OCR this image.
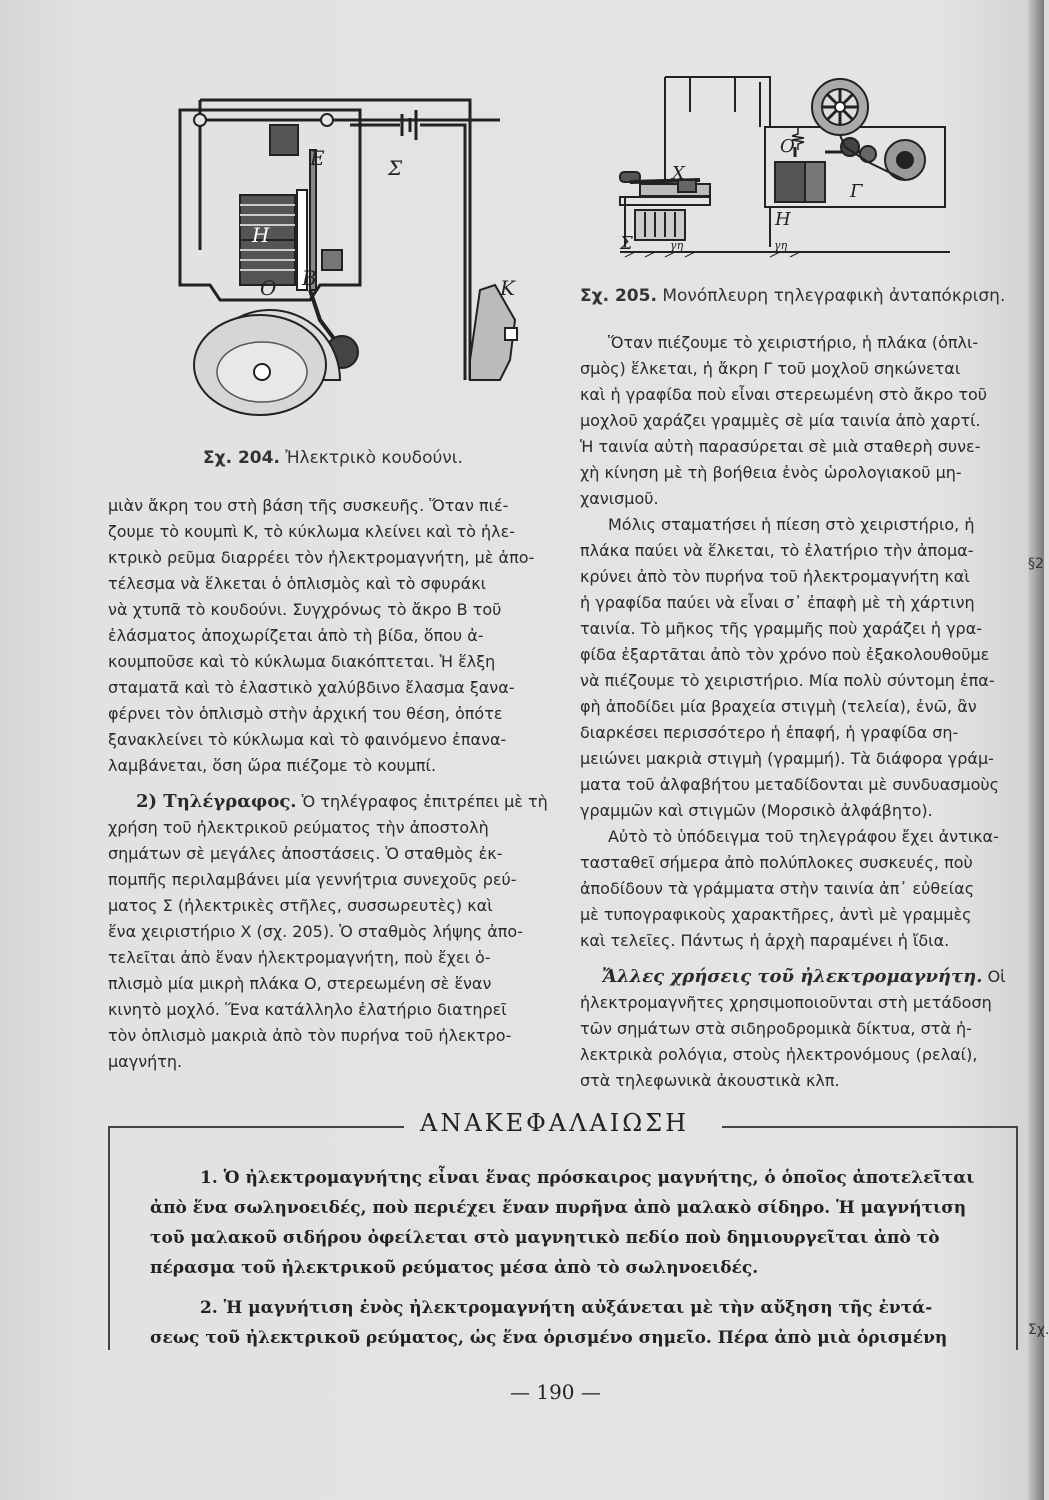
E	Σ
H
O B	K
Σχ. 204. Ἠλεκτρικὸ κουδούνι.
O
X
Γ
H
Σ	γη	γη
Σχ. 205. Μονόπλευρη τηλεγραφικὴ ἀνταπόκριση.

μιὰν ἄκρη του στὴ βάση τῆς συσκευῆς. Ὅταν πιέ-
ζουμε τὸ κουμπὶ Κ, τὸ κύκλωμα κλείνει καὶ τὸ ἠλε-
κτρικὸ ρεῦμα διαρρέει τὸν ἠλεκτρομαγνήτη, μὲ ἀπο-
τέλεσμα νὰ ἕλκεται ὁ ὁπλισμὸς καὶ τὸ σφυράκι
νὰ χτυπᾶ τὸ κουδούνι. Συγχρόνως τὸ ἄκρο Β τοῦ
ἐλάσματος ἀποχωρίζεται ἀπὸ τὴ βίδα, ὅπου ἀ-
κουμποῦσε καὶ τὸ κύκλωμα διακόπτεται. Ἡ ἕλξη
σταματᾶ καὶ τὸ ἐλαστικὸ χαλύβδινο ἔλασμα ξανα-
φέρνει τὸν ὁπλισμὸ στὴν ἀρχική του θέση, ὁπότε
ξανακλείνει τὸ κύκλωμα καὶ τὸ φαινόμενο ἐπανα-
λαμβάνεται, ὅση ὥρα πιέζομε τὸ κουμπί.

2) Τηλέγραφος. Ὁ τηλέγραφος ἐπιτρέπει μὲ τὴ
χρήση τοῦ ἠλεκτρικοῦ ρεύματος τὴν ἀποστολὴ
σημάτων σὲ μεγάλες ἀποστάσεις. Ὁ σταθμὸς ἐκ-
πομπῆς περιλαμβάνει μία γεννήτρια συνεχοῦς ρεύ-
ματος Σ (ἠλεκτρικὲς στῆλες, συσσωρευτὲς) καὶ
ἕνα χειριστήριο Χ (σχ. 205). Ὁ σταθμὸς λήψης ἀπο-
τελεῖται ἀπὸ ἕναν ἠλεκτρομαγνήτη, ποὺ ἔχει ὁ-
πλισμὸ μία μικρὴ πλάκα Ο, στερεωμένη σὲ ἕναν
κινητὸ μοχλό. Ἕνα κατάλληλο ἐλατήριο διατηρεῖ
τὸν ὁπλισμὸ μακριὰ ἀπὸ τὸν πυρήνα τοῦ ἠλεκτρο-
μαγνήτη.

Ὅταν πιέζουμε τὸ χειριστήριο, ἡ πλάκα (ὁπλι-
σμὸς) ἕλκεται, ἡ ἄκρη Γ τοῦ μοχλοῦ σηκώνεται
καὶ ἡ γραφίδα ποὺ εἶναι στερεωμένη στὸ ἄκρο τοῦ
μοχλοῦ χαράζει γραμμὲς σὲ μία ταινία ἀπὸ χαρτί.
Ἡ ταινία αὐτὴ παρασύρεται σὲ μιὰ σταθερὴ συνε-
χὴ κίνηση μὲ τὴ βοήθεια ἑνὸς ὡρολογιακοῦ μη-
χανισμοῦ.

Μόλις σταματήσει ἡ πίεση στὸ χειριστήριο, ἡ
πλάκα παύει νὰ ἕλκεται, τὸ ἐλατήριο τὴν ἀπομα-
κρύνει ἀπὸ τὸν πυρήνα τοῦ ἠλεκτρομαγνήτη καὶ
ἡ γραφίδα παύει νὰ εἶναι σ᾽ ἐπαφὴ μὲ τὴ χάρτινη
ταινία. Τὸ μῆκος τῆς γραμμῆς ποὺ χαράζει ἡ γρα-
φίδα ἐξαρτᾶται ἀπὸ τὸν χρόνο ποὺ ἐξακολουθοῦμε
νὰ πιέζουμε τὸ χειριστήριο. Μία πολὺ σύντομη ἐπα-
φὴ ἀποδίδει μία βραχεία στιγμὴ (τελεία), ἐνῶ, ἂν
διαρκέσει περισσότερο ἡ ἐπαφή, ἡ γραφίδα ση-
μειώνει μακριὰ στιγμὴ (γραμμή). Τὰ διάφορα γράμ-
ματα τοῦ ἀλφαβήτου μεταδίδονται μὲ συνδυασμοὺς
γραμμῶν καὶ στιγμῶν (Μορσικὸ ἀλφάβητο).

Αὐτὸ τὸ ὑπόδειγμα τοῦ τηλεγράφου ἔχει ἀντικα-
τασταθεῖ σήμερα ἀπὸ πολύπλοκες συσκευές, ποὺ
ἀποδίδουν τὰ γράμματα στὴν ταινία ἀπ᾽ εὐθείας
μὲ τυπογραφικοὺς χαρακτῆρες, ἀντὶ μὲ γραμμὲς
καὶ τελεῖες. Πάντως ἡ ἀρχὴ παραμένει ἡ ἴδια.

Ἄλλες χρήσεις τοῦ ἠλεκτρομαγνήτη. Οἱ
ἠλεκτρομαγνῆτες χρησιμοποιοῦνται στὴ μετάδοση
τῶν σημάτων στὰ σιδηροδρομικὰ δίκτυα, στὰ ἠ-
λεκτρικὰ ρολόγια, στοὺς ἠλεκτρονόμους (ρελαί),
στὰ τηλεφωνικὰ ἀκουστικὰ κλπ.

ΑΝΑΚΕΦΑΛΑΙΩΣΗ
1. Ὁ ἠλεκτρομαγνήτης εἶναι ἕνας πρόσκαιρος μαγνήτης, ὁ ὁποῖος ἀποτελεῖται
ἀπὸ ἕνα σωληνοειδές, ποὺ περιέχει ἕναν πυρῆνα ἀπὸ μαλακὸ σίδηρο. Ἡ μαγνήτιση
τοῦ μαλακοῦ σιδήρου ὀφείλεται στὸ μαγνητικὸ πεδίο ποὺ δημιουργεῖται ἀπὸ τὸ
πέρασμα τοῦ ἠλεκτρικοῦ ρεύματος μέσα ἀπὸ τὸ σωληνοειδές.
2. Ἡ μαγνήτιση ἑνὸς ἠλεκτρομαγνήτη αὐξάνεται μὲ τὴν αὔξηση τῆς ἐντά-
σεως τοῦ ἠλεκτρικοῦ ρεύματος, ὡς ἕνα ὁρισμένο σημεῖο. Πέρα ἀπὸ μιὰ ὁρισμένη
— 190 —
§2
Σχ.
